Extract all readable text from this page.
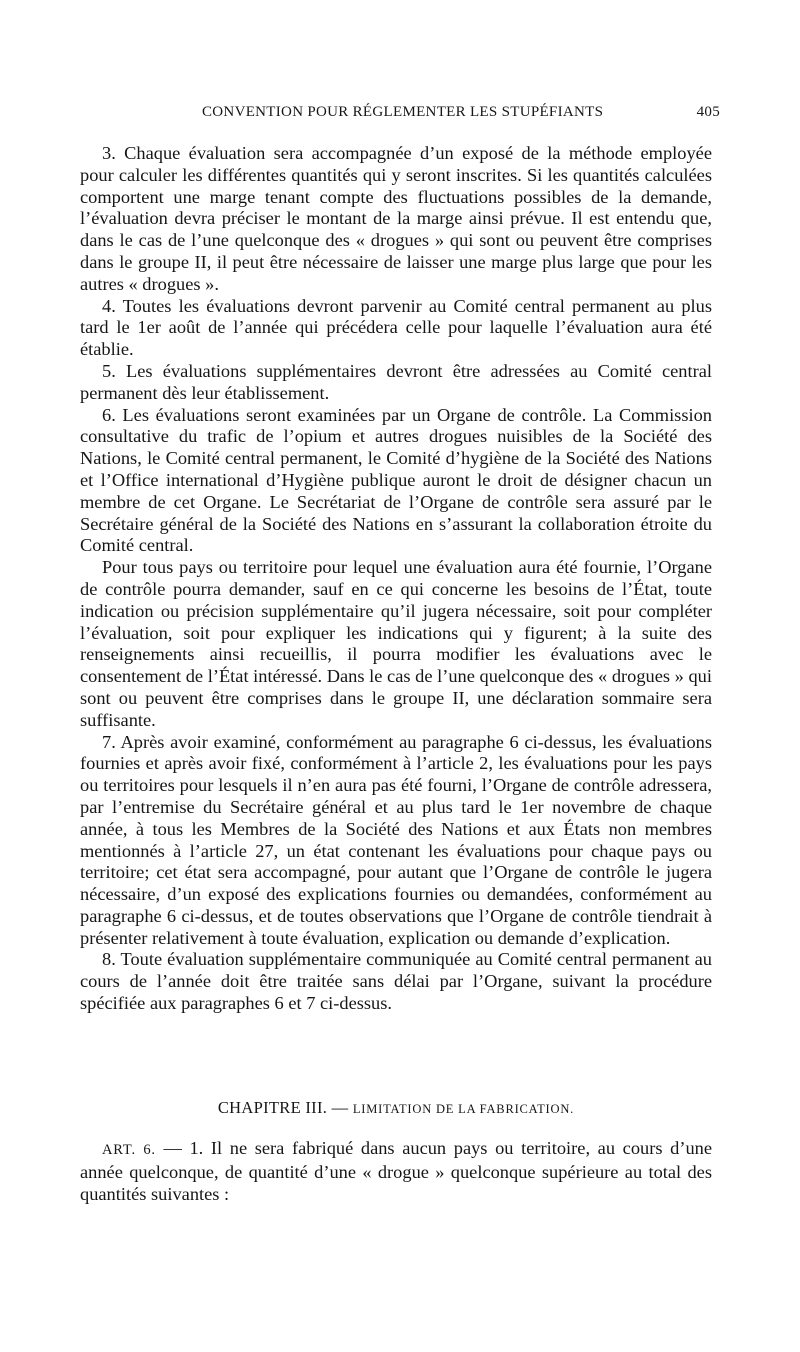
CONVENTION POUR RÉGLEMENTER LES STUPÉFIANTS	405

3. Chaque évaluation sera accompagnée d’un exposé de la méthode employée pour calculer les différentes quantités qui y seront inscrites. Si les quantités calculées comportent une marge tenant compte des fluctuations possibles de la demande, l’évaluation devra préciser le montant de la marge ainsi prévue. Il est entendu que, dans le cas de l’une quelconque des « drogues » qui sont ou peuvent être comprises dans le groupe II, il peut être nécessaire de laisser une marge plus large que pour les autres « drogues ».

4. Toutes les évaluations devront parvenir au Comité central permanent au plus tard le 1er août de l’année qui précédera celle pour laquelle l’évaluation aura été établie.

5. Les évaluations supplémentaires devront être adressées au Comité central permanent dès leur établissement.

6. Les évaluations seront examinées par un Organe de contrôle. La Commission consultative du trafic de l’opium et autres drogues nuisibles de la Société des Nations, le Comité central permanent, le Comité d’hygiène de la Société des Nations et l’Office international d’Hygiène publique auront le droit de désigner chacun un membre de cet Organe. Le Secrétariat de l’Organe de contrôle sera assuré par le Secrétaire général de la Société des Nations en s’assurant la collaboration étroite du Comité central.

Pour tous pays ou territoire pour lequel une évaluation aura été fournie, l’Organe de contrôle pourra demander, sauf en ce qui concerne les besoins de l’État, toute indication ou précision supplémentaire qu’il jugera nécessaire, soit pour compléter l’évaluation, soit pour expliquer les indications qui y figurent; à la suite des renseignements ainsi recueillis, il pourra modifier les évaluations avec le consentement de l’État intéressé. Dans le cas de l’une quelconque des « drogues » qui sont ou peuvent être comprises dans le groupe II, une déclaration sommaire sera suffisante.

7. Après avoir examiné, conformément au paragraphe 6 ci-dessus, les évaluations fournies et après avoir fixé, conformément à l’article 2, les évaluations pour les pays ou territoires pour lesquels il n’en aura pas été fourni, l’Organe de contrôle adressera, par l’entremise du Secrétaire général et au plus tard le 1er novembre de chaque année, à tous les Membres de la Société des Nations et aux États non membres mentionnés à l’article 27, un état contenant les évaluations pour chaque pays ou territoire; cet état sera accompagné, pour autant que l’Organe de contrôle le jugera nécessaire, d’un exposé des explications fournies ou demandées, conformément au paragraphe 6 ci-dessus, et de toutes observations que l’Organe de contrôle tiendrait à présenter relativement à toute évaluation, explication ou demande d’explication.

8. Toute évaluation supplémentaire communiquée au Comité central permanent au cours de l’année doit être traitée sans délai par l’Organe, suivant la procédure spécifiée aux paragraphes 6 et 7 ci-dessus.

CHAPITRE III. — LIMITATION DE LA FABRICATION.

ART. 6. — 1. Il ne sera fabriqué dans aucun pays ou territoire, au cours d’une année quelconque, de quantité d’une « drogue » quelconque supérieure au total des quantités suivantes :
